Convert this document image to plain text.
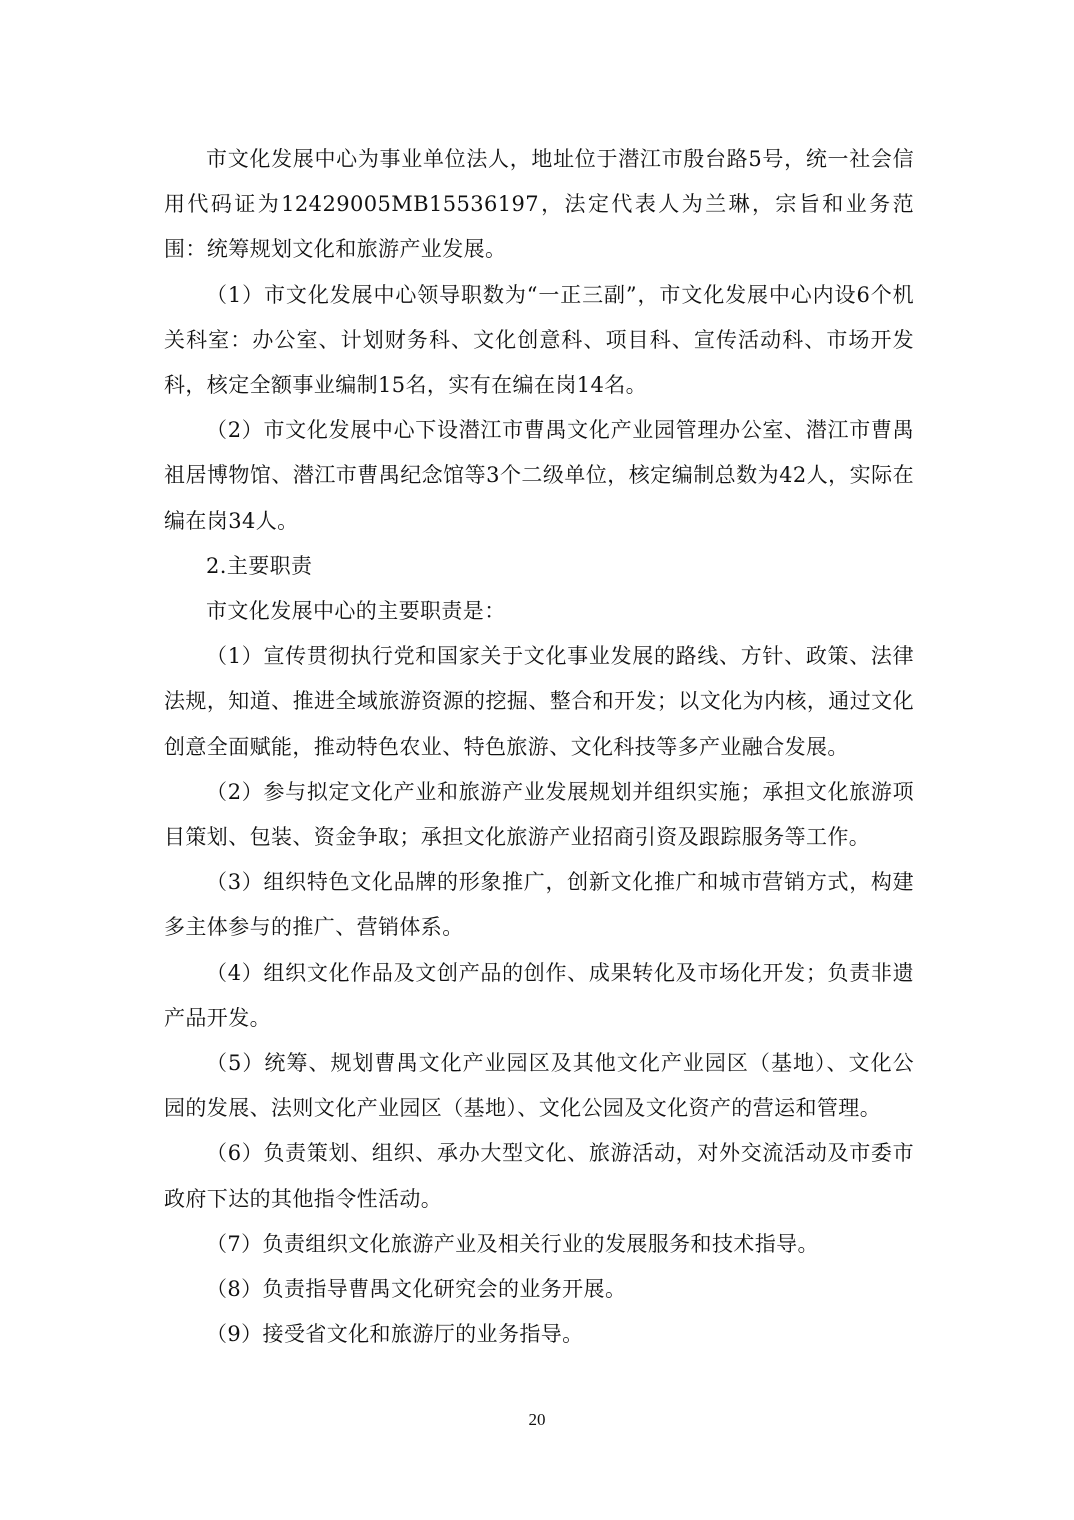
市文化发展中心为事业单位法人，地址位于潜江市殷台路5号，统一社会信用代码证为12429005MB15536197，法定代表人为兰琳，宗旨和业务范围：统筹规划文化和旅游产业发展。

（1）市文化发展中心领导职数为“一正三副”，市文化发展中心内设6个机关科室：办公室、计划财务科、文化创意科、项目科、宣传活动科、市场开发科，核定全额事业编制15名，实有在编在岗14名。

（2）市文化发展中心下设潜江市曹禺文化产业园管理办公室、潜江市曹禺祖居博物馆、潜江市曹禺纪念馆等3个二级单位，核定编制总数为42人，实际在编在岗34人。

2.主要职责

市文化发展中心的主要职责是：

（1）宣传贯彻执行党和国家关于文化事业发展的路线、方针、政策、法律法规，知道、推进全域旅游资源的挖掘、整合和开发；以文化为内核，通过文化创意全面赋能，推动特色农业、特色旅游、文化科技等多产业融合发展。

（2）参与拟定文化产业和旅游产业发展规划并组织实施；承担文化旅游项目策划、包装、资金争取；承担文化旅游产业招商引资及跟踪服务等工作。

（3）组织特色文化品牌的形象推广，创新文化推广和城市营销方式，构建多主体参与的推广、营销体系。

（4）组织文化作品及文创产品的创作、成果转化及市场化开发；负责非遗产品开发。

（5）统筹、规划曹禺文化产业园区及其他文化产业园区（基地）、文化公园的发展、法则文化产业园区（基地）、文化公园及文化资产的营运和管理。

（6）负责策划、组织、承办大型文化、旅游活动，对外交流活动及市委市政府下达的其他指令性活动。

（7）负责组织文化旅游产业及相关行业的发展服务和技术指导。

（8）负责指导曹禺文化研究会的业务开展。

（9）接受省文化和旅游厅的业务指导。

20
